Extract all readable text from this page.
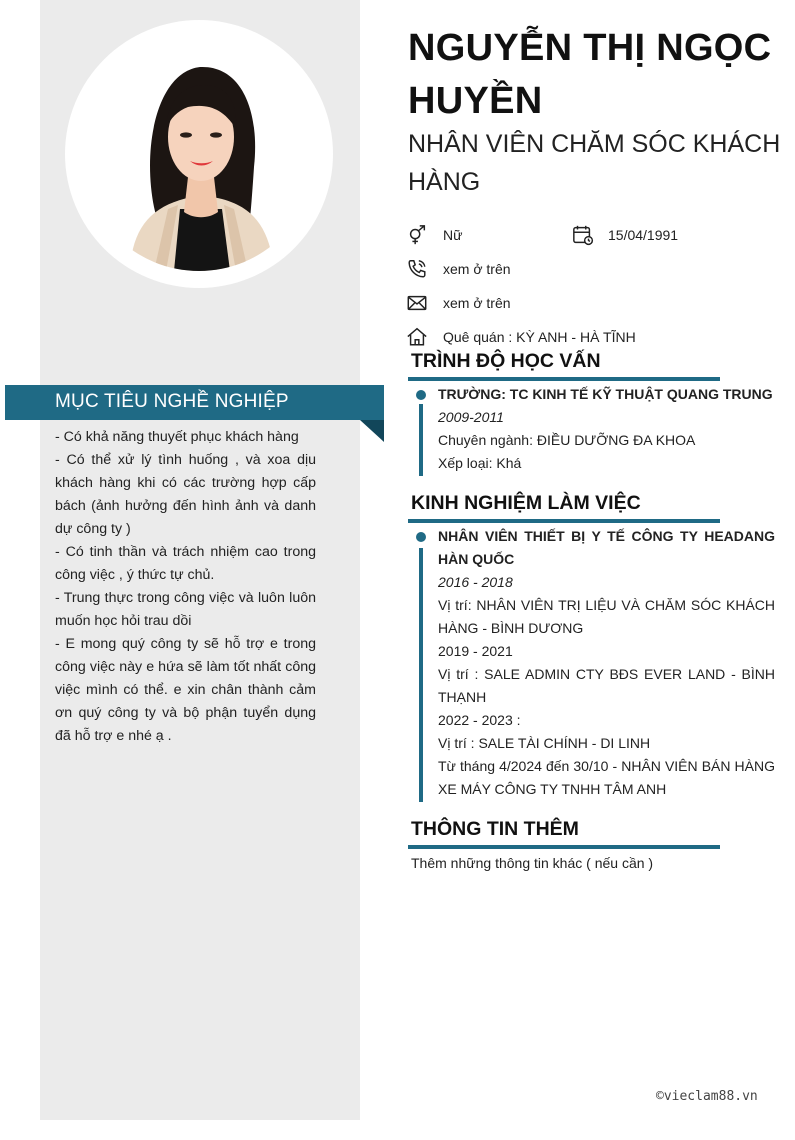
MỤC TIÊU NGHỀ NGHIỆP

- Có khả năng thuyết phục khách hàng

- Có thể xử lý tình huống , và xoa dịu khách hàng khi có các trường hợp cấp bách (ảnh hưởng đến hình ảnh và danh dự công ty )

- Có tinh thần và trách nhiệm cao trong công việc , ý thức tự chủ.

- Trung thực trong công việc và luôn luôn muốn học hỏi trau dồi

- E mong quý công ty sẽ hỗ trợ e trong công việc này e hứa sẽ làm tốt nhất công việc mình có thể. e xin chân thành cảm ơn quý công ty và bộ phận tuyển dụng đã hỗ trợ e nhé ạ .

NGUYỄN THỊ NGỌC HUYỀN
NHÂN VIÊN CHĂM SÓC KHÁCH HÀNG
Nữ	15/04/1991
xem ở trên
xem ở trên
Quê quán : KỲ ANH - HÀ TĨNH
TRÌNH ĐỘ HỌC VẤN
TRƯỜNG: TC KINH TẾ KỸ THUẬT QUANG TRUNG
2009-2011
Chuyên ngành: ĐIỀU DƯỠNG ĐA KHOA
Xếp loại: Khá
KINH NGHIỆM LÀM VIỆC
NHÂN VIÊN THIẾT BỊ Y TẾ CÔNG TY HEADANG HÀN QUỐC
2016 - 2018
Vị trí: NHÂN VIÊN TRỊ LIỆU VÀ CHĂM SÓC KHÁCH HÀNG - BÌNH DƯƠNG
2019 - 2021
Vị trí : SALE ADMIN CTY BĐS EVER LAND - BÌNH THẠNH
2022 - 2023 :
Vị trí : SALE TÀI CHÍNH - DI LINH
Từ tháng 4/2024 đến 30/10 - NHÂN VIÊN BÁN HÀNG XE MÁY CÔNG TY TNHH TÂM ANH
THÔNG TIN THÊM
Thêm những thông tin khác ( nếu cần )
©vieclam88.vn
